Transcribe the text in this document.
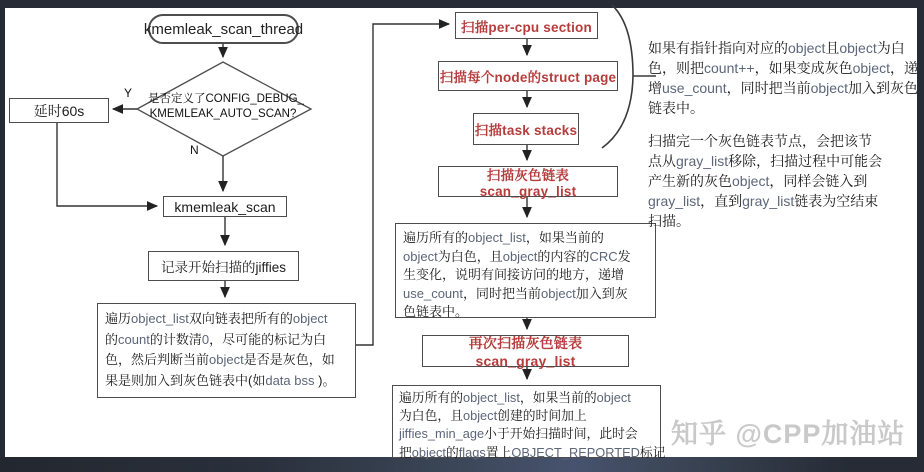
kmemleak_scan_thread
是否定义了CONFIG_DEBUG_
KMEMLEAK_AUTO_SCAN?
Y
N
延时60s
kmemleak_scan
记录开始扫描的jiffies
遍历object_list双向链表把所有的object
的count的计数清0，尽可能的标记为白
色，然后判断当前object是否是灰色，如
果是则加入到灰色链表中(如data bss )。
扫描per-cpu section
扫描每个node的struct page
扫描task stacks
扫描灰色链表scan_gray_list
遍历所有的object_list，如果当前的
object为白色，且object的内容的CRC发
生变化，说明有间接访问的地方，递增
use_count，同时把当前object加入到灰
色链表中。
再次扫描灰色链表scan_gray_list
遍历所有的object_list，如果当前的object
为白色，且object创建的时间加上
jiffies_min_age小于开始扫描时间，此时会
把object的flags置上OBJECT_REPORTED标记
如果有指针指向对应的object且object为白
色，则把count++，如果变成灰色object，递
增use_count，同时把当前object加入到灰色
链表中。
扫描完一个灰色链表节点，会把该节
点从gray_list移除，扫描过程中可能会
产生新的灰色object，同样会链入到
gray_list，直到gray_list链表为空结束
扫描。
知乎 @CPP加油站
